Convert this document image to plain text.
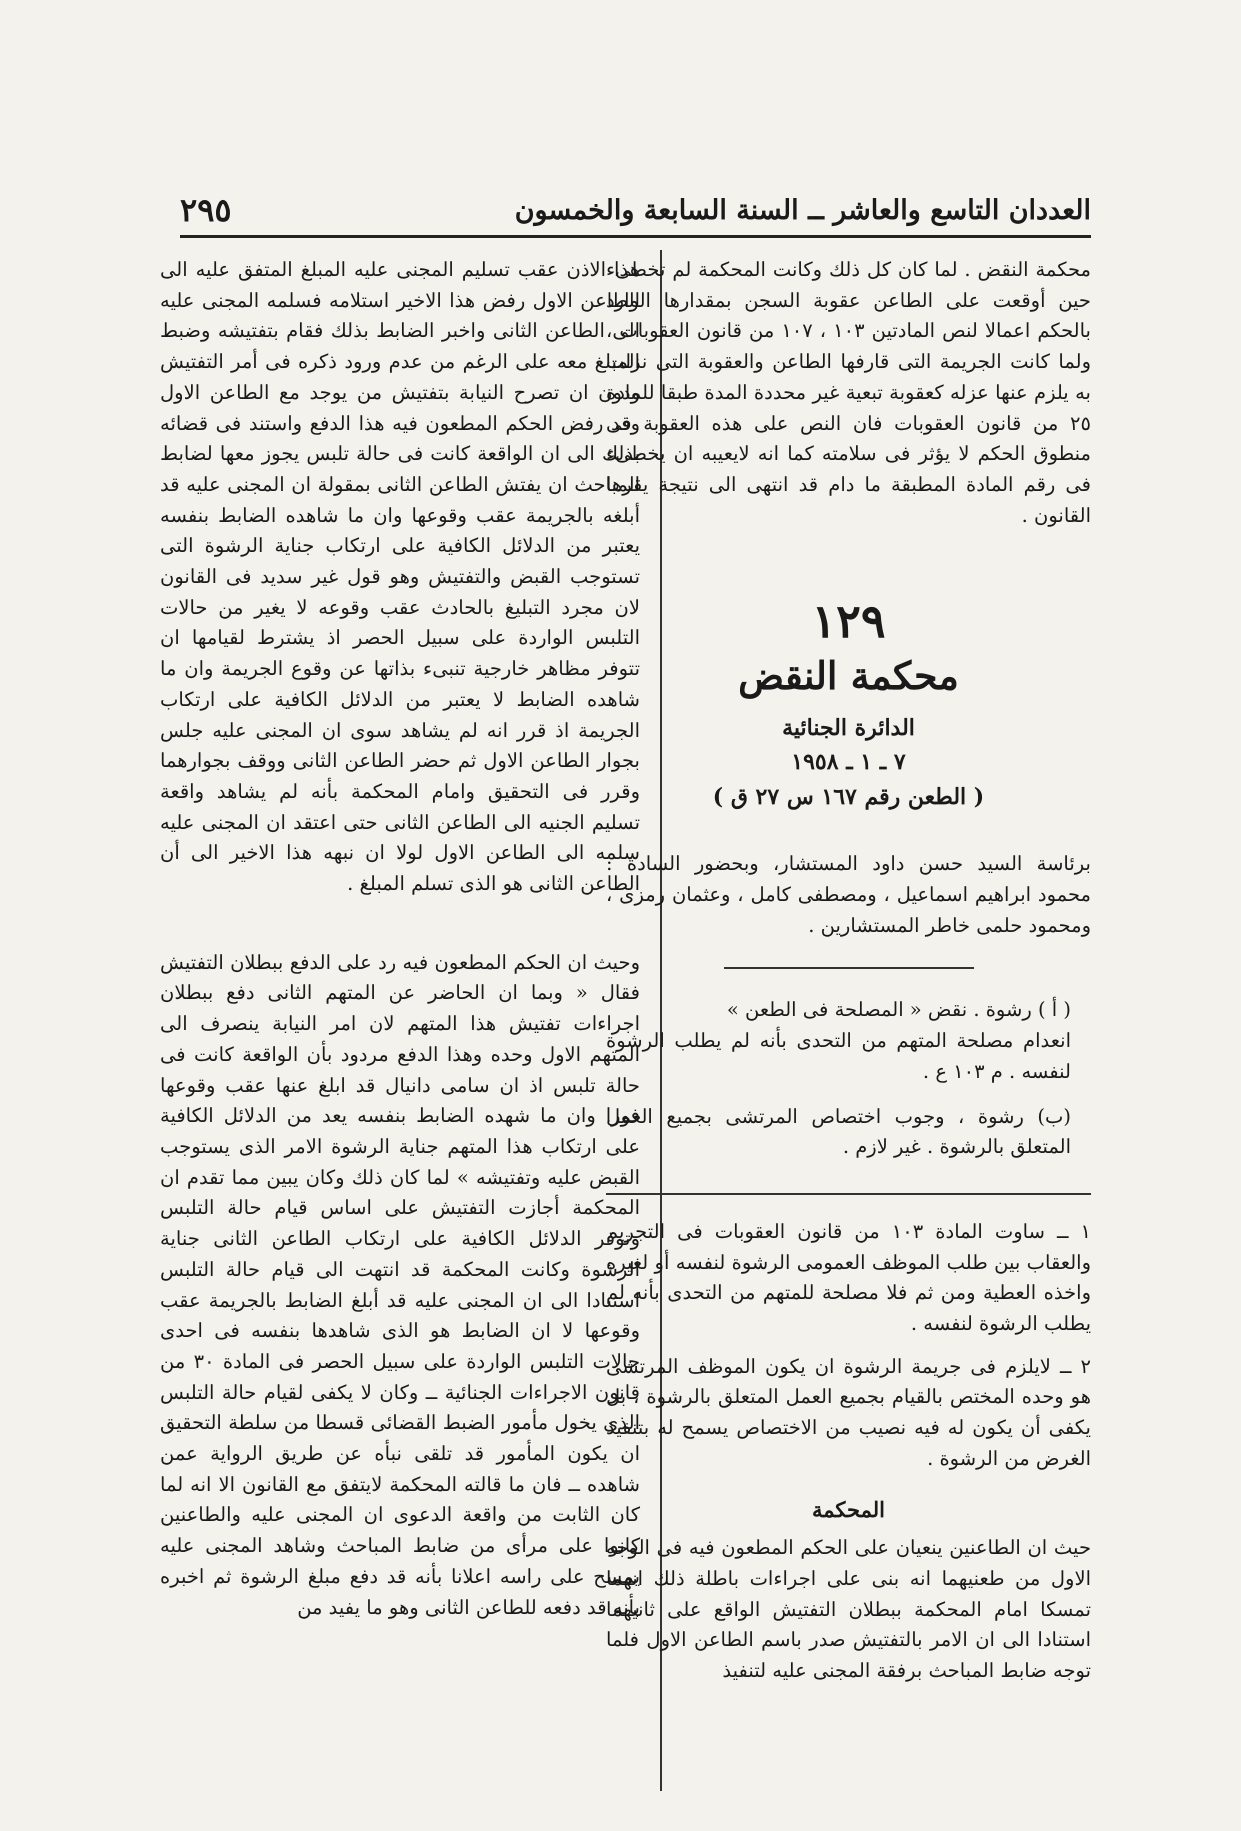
العددان التاسع والعاشر ــ السنة السابعة والخمسون
٢٩٥

محكمة النقض . لما كان كل ذلك وكانت المحكمة لم تخطىء حين أوقعت على الطاعن عقوبة السجن بمقدارها الوارد بالحكم اعمالا لنص المادتين ١٠٣ ، ١٠٧ من قانون العقوبات ، ولما كانت الجريمة التى قارفها الطاعن والعقوبة التى نزلت به يلزم عنها عزله كعقوبة تبعية غير محددة المدة طبقا للمادة ٢٥ من قانون العقوبات فان النص على هذه العقوبة فى منطوق الحكم لا يؤثر فى سلامته كما انه لايعيبه ان يخطىء فى رقم المادة المطبقة ما دام قد انتهى الى نتيجة يقرها القانون .

١٢٩
محكمة النقض
الدائرة الجنائية
٧ ـ ١ ـ ١٩٥٨
( الطعن رقم ١٦٧ س ٢٧ ق )

برئاسة السيد حسن داود المستشار، وبحضور السادة : محمود ابراهيم اسماعيل ، ومصطفى كامل ، وعثمان رمزى ، ومحمود حلمى خاطر المستشارين .

( أ ) رشوة . نقض « المصلحة فى الطعن »

انعدام مصلحة المتهم من التحدى بأنه لم يطلب الرشوة لنفسه . م ١٠٣ ع .

(ب) رشوة ، وجوب اختصاص المرتشى بجميع العمل المتعلق بالرشوة . غير لازم .

١ ــ ساوت المادة ١٠٣ من قانون العقوبات فى التجريم والعقاب بين طلب الموظف العمومى الرشوة لنفسه أو لغيره واخذه العطية ومن ثم فلا مصلحة للمتهم من التحدى بأنه لم يطلب الرشوة لنفسه .

٢ ــ لايلزم فى جريمة الرشوة ان يكون الموظف المرتشى هو وحده المختص بالقيام بجميع العمل المتعلق بالرشوة ، بل يكفى أن يكون له فيه نصيب من الاختصاص يسمح له بتنفيذ الغرض من الرشوة .

المحكمة

حيث ان الطاعنين ينعيان على الحكم المطعون فيه فى الوجه الاول من طعنيهما انه بنى على اجراءات باطلة ذلك انهما تمسكا امام المحكمة ببطلان التفتيش الواقع على ثانيهما استنادا الى ان الامر بالتفتيش صدر باسم الطاعن الاول فلما توجه ضابط المباحث برفقة المجنى عليه لتنفيذ

هذا الاذن عقب تسليم المجنى عليه المبلغ المتفق عليه الى الطاعن الاول رفض هذا الاخير استلامه فسلمه المجنى عليه الى الطاعن الثانى واخبر الضابط بذلك فقام بتفتيشه وضبط المبلغ معه على الرغم من عدم ورود ذكره فى أمر التفتيش ودون ان تصرح النيابة بتفتيش من يوجد مع الطاعن الاول وقد رفض الحكم المطعون فيه هذا الدفع واستند فى قضائه بذلك الى ان الواقعة كانت فى حالة تلبس يجوز معها لضابط المباحث ان يفتش الطاعن الثانى بمقولة ان المجنى عليه قد أبلغه بالجريمة عقب وقوعها وان ما شاهده الضابط بنفسه يعتبر من الدلائل الكافية على ارتكاب جناية الرشوة التى تستوجب القبض والتفتيش وهو قول غير سديد فى القانون لان مجرد التبليغ بالحادث عقب وقوعه لا يغير من حالات التلبس الواردة على سبيل الحصر اذ يشترط لقيامها ان تتوفر مظاهر خارجية تنبىء بذاتها عن وقوع الجريمة وان ما شاهده الضابط لا يعتبر من الدلائل الكافية على ارتكاب الجريمة اذ قرر انه لم يشاهد سوى ان المجنى عليه جلس بجوار الطاعن الاول ثم حضر الطاعن الثانى ووقف بجوارهما وقرر فى التحقيق وامام المحكمة بأنه لم يشاهد واقعة تسليم الجنيه الى الطاعن الثانى حتى اعتقد ان المجنى عليه سلمه الى الطاعن الاول لولا ان نبهه هذا الاخير الى أن الطاعن الثانى هو الذى تسلم المبلغ .

وحيث ان الحكم المطعون فيه رد على الدفع ببطلان التفتيش فقال « وبما ان الحاضر عن المتهم الثانى دفع ببطلان اجراءات تفتيش هذا المتهم لان امر النيابة ينصرف الى المتهم الاول وحده وهذا الدفع مردود بأن الواقعة كانت فى حالة تلبس اذ ان سامى دانيال قد ابلغ عنها عقب وقوعها فورا وان ما شهده الضابط بنفسه يعد من الدلائل الكافية على ارتكاب هذا المتهم جناية الرشوة الامر الذى يستوجب القبض عليه وتفتيشه » لما كان ذلك وكان يبين مما تقدم ان المحكمة أجازت التفتيش على اساس قيام حالة التلبس وتوفر الدلائل الكافية على ارتكاب الطاعن الثانى جناية الرشوة وكانت المحكمة قد انتهت الى قيام حالة التلبس استنادا الى ان المجنى عليه قد أبلغ الضابط بالجريمة عقب وقوعها لا ان الضابط هو الذى شاهدها بنفسه فى احدى حالات التلبس الواردة على سبيل الحصر فى المادة ٣٠ من قانون الاجراءات الجنائية ــ وكان لا يكفى لقيام حالة التلبس الذى يخول مأمور الضبط القضائى قسطا من سلطة التحقيق ان يكون المأمور قد تلقى نبأه عن طريق الرواية عمن شاهده ــ فان ما قالته المحكمة لايتفق مع القانون الا انه لما كان الثابت من واقعة الدعوى ان المجنى عليه والطاعنين كانوا على مرأى من ضابط المباحث وشاهد المجنى عليه يمسح على راسه اعلانا بأنه قد دفع مبلغ الرشوة ثم اخبره بأنه قد دفعه للطاعن الثانى وهو ما يفيد من
